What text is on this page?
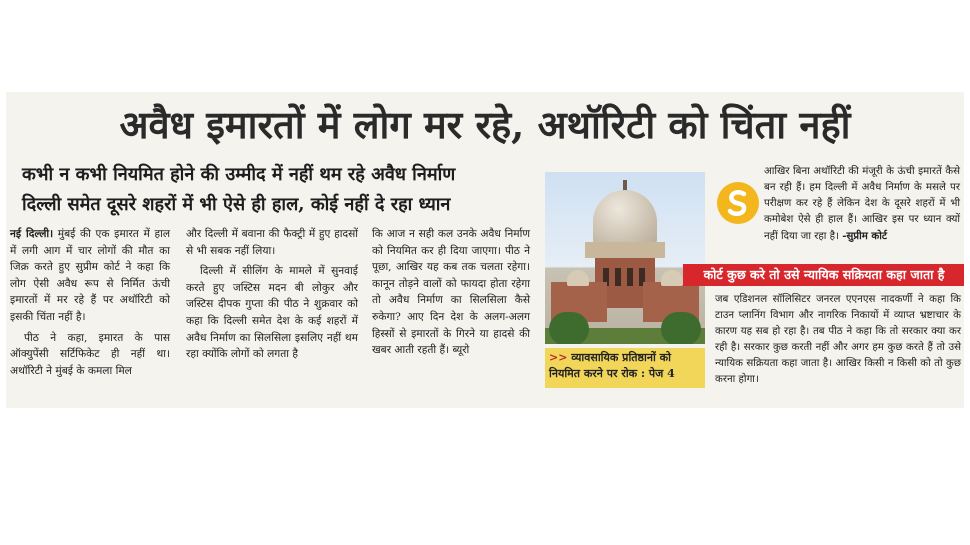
अवैध इमारतों में लोग मर रहे, अथॉरिटी को चिंता नहीं
कभी न कभी नियमित होने की उम्मीद में नहीं थम रहे अवैध निर्माण
दिल्ली समेत दूसरे शहरों में भी ऐसे ही हाल, कोई नहीं दे रहा ध्यान

नई दिल्ली। मुंबई की एक इमारत में हाल में लगी आग में चार लोगों की मौत का जिक्र करते हुए सुप्रीम कोर्ट ने कहा कि लोग ऐसी अवैध रूप से निर्मित ऊंची इमारतों में मर रहे हैं पर अथॉरिटी को इसकी चिंता नहीं है।

पीठ ने कहा, इमारत के पास ऑक्युपेंसी सर्टिफिकेट ही नहीं था। अथॉरिटी ने मुंबई के कमला मिल

और दिल्ली में बवाना की फैक्ट्री में हुए हादसों से भी सबक नहीं लिया।

दिल्ली में सीलिंग के मामले में सुनवाई करते हुए जस्टिस मदन बी लोकुर और जस्टिस दीपक गुप्ता की पीठ ने शुक्रवार को कहा कि दिल्ली समेत देश के कई शहरों में अवैध निर्माण का सिलसिला इसलिए नहीं थम रहा क्योंकि लोगों को लगता है

कि आज न सही कल उनके अवैध निर्माण को नियमित कर ही दिया जाएगा। पीठ ने पूछा, आखिर यह कब तक चलता रहेगा। कानून तोड़ने वालों को फायदा होता रहेगा तो अवैध निर्माण का सिलसिला कैसे रुकेगा? आए दिन देश के अलग-अलग हिस्सों से इमारतों के गिरने या हादसे की खबर आती रहती हैं। ब्यूरो

>> व्यावसायिक प्रतिष्ठानों को नियमित करने पर रोक : पेज 4
आखिर बिना अथॉरिटी की मंजूरी के ऊंची इमारतें कैसे बन रही हैं। हम दिल्ली में अवैध निर्माण के मसले पर परीक्षण कर रहे हैं लेकिन देश के दूसरे शहरों में भी कमोबेश ऐसे ही हाल हैं। आखिर इस पर ध्यान क्यों नहीं दिया जा रहा है। -सुप्रीम कोर्ट
कोर्ट कुछ करे तो उसे न्यायिक सक्रियता कहा जाता है
जब एडिशनल सॉलिसिटर जनरल एएनएस नादकर्णी ने कहा कि टाउन प्लानिंग विभाग और नागरिक निकायों में व्याप्त भ्रष्टाचार के कारण यह सब हो रहा है। तब पीठ ने कहा कि तो सरकार क्या कर रही है। सरकार कुछ करती नहीं और अगर हम कुछ करते हैं तो उसे न्यायिक सक्रियता कहा जाता है। आखिर किसी न किसी को तो कुछ करना होगा।
